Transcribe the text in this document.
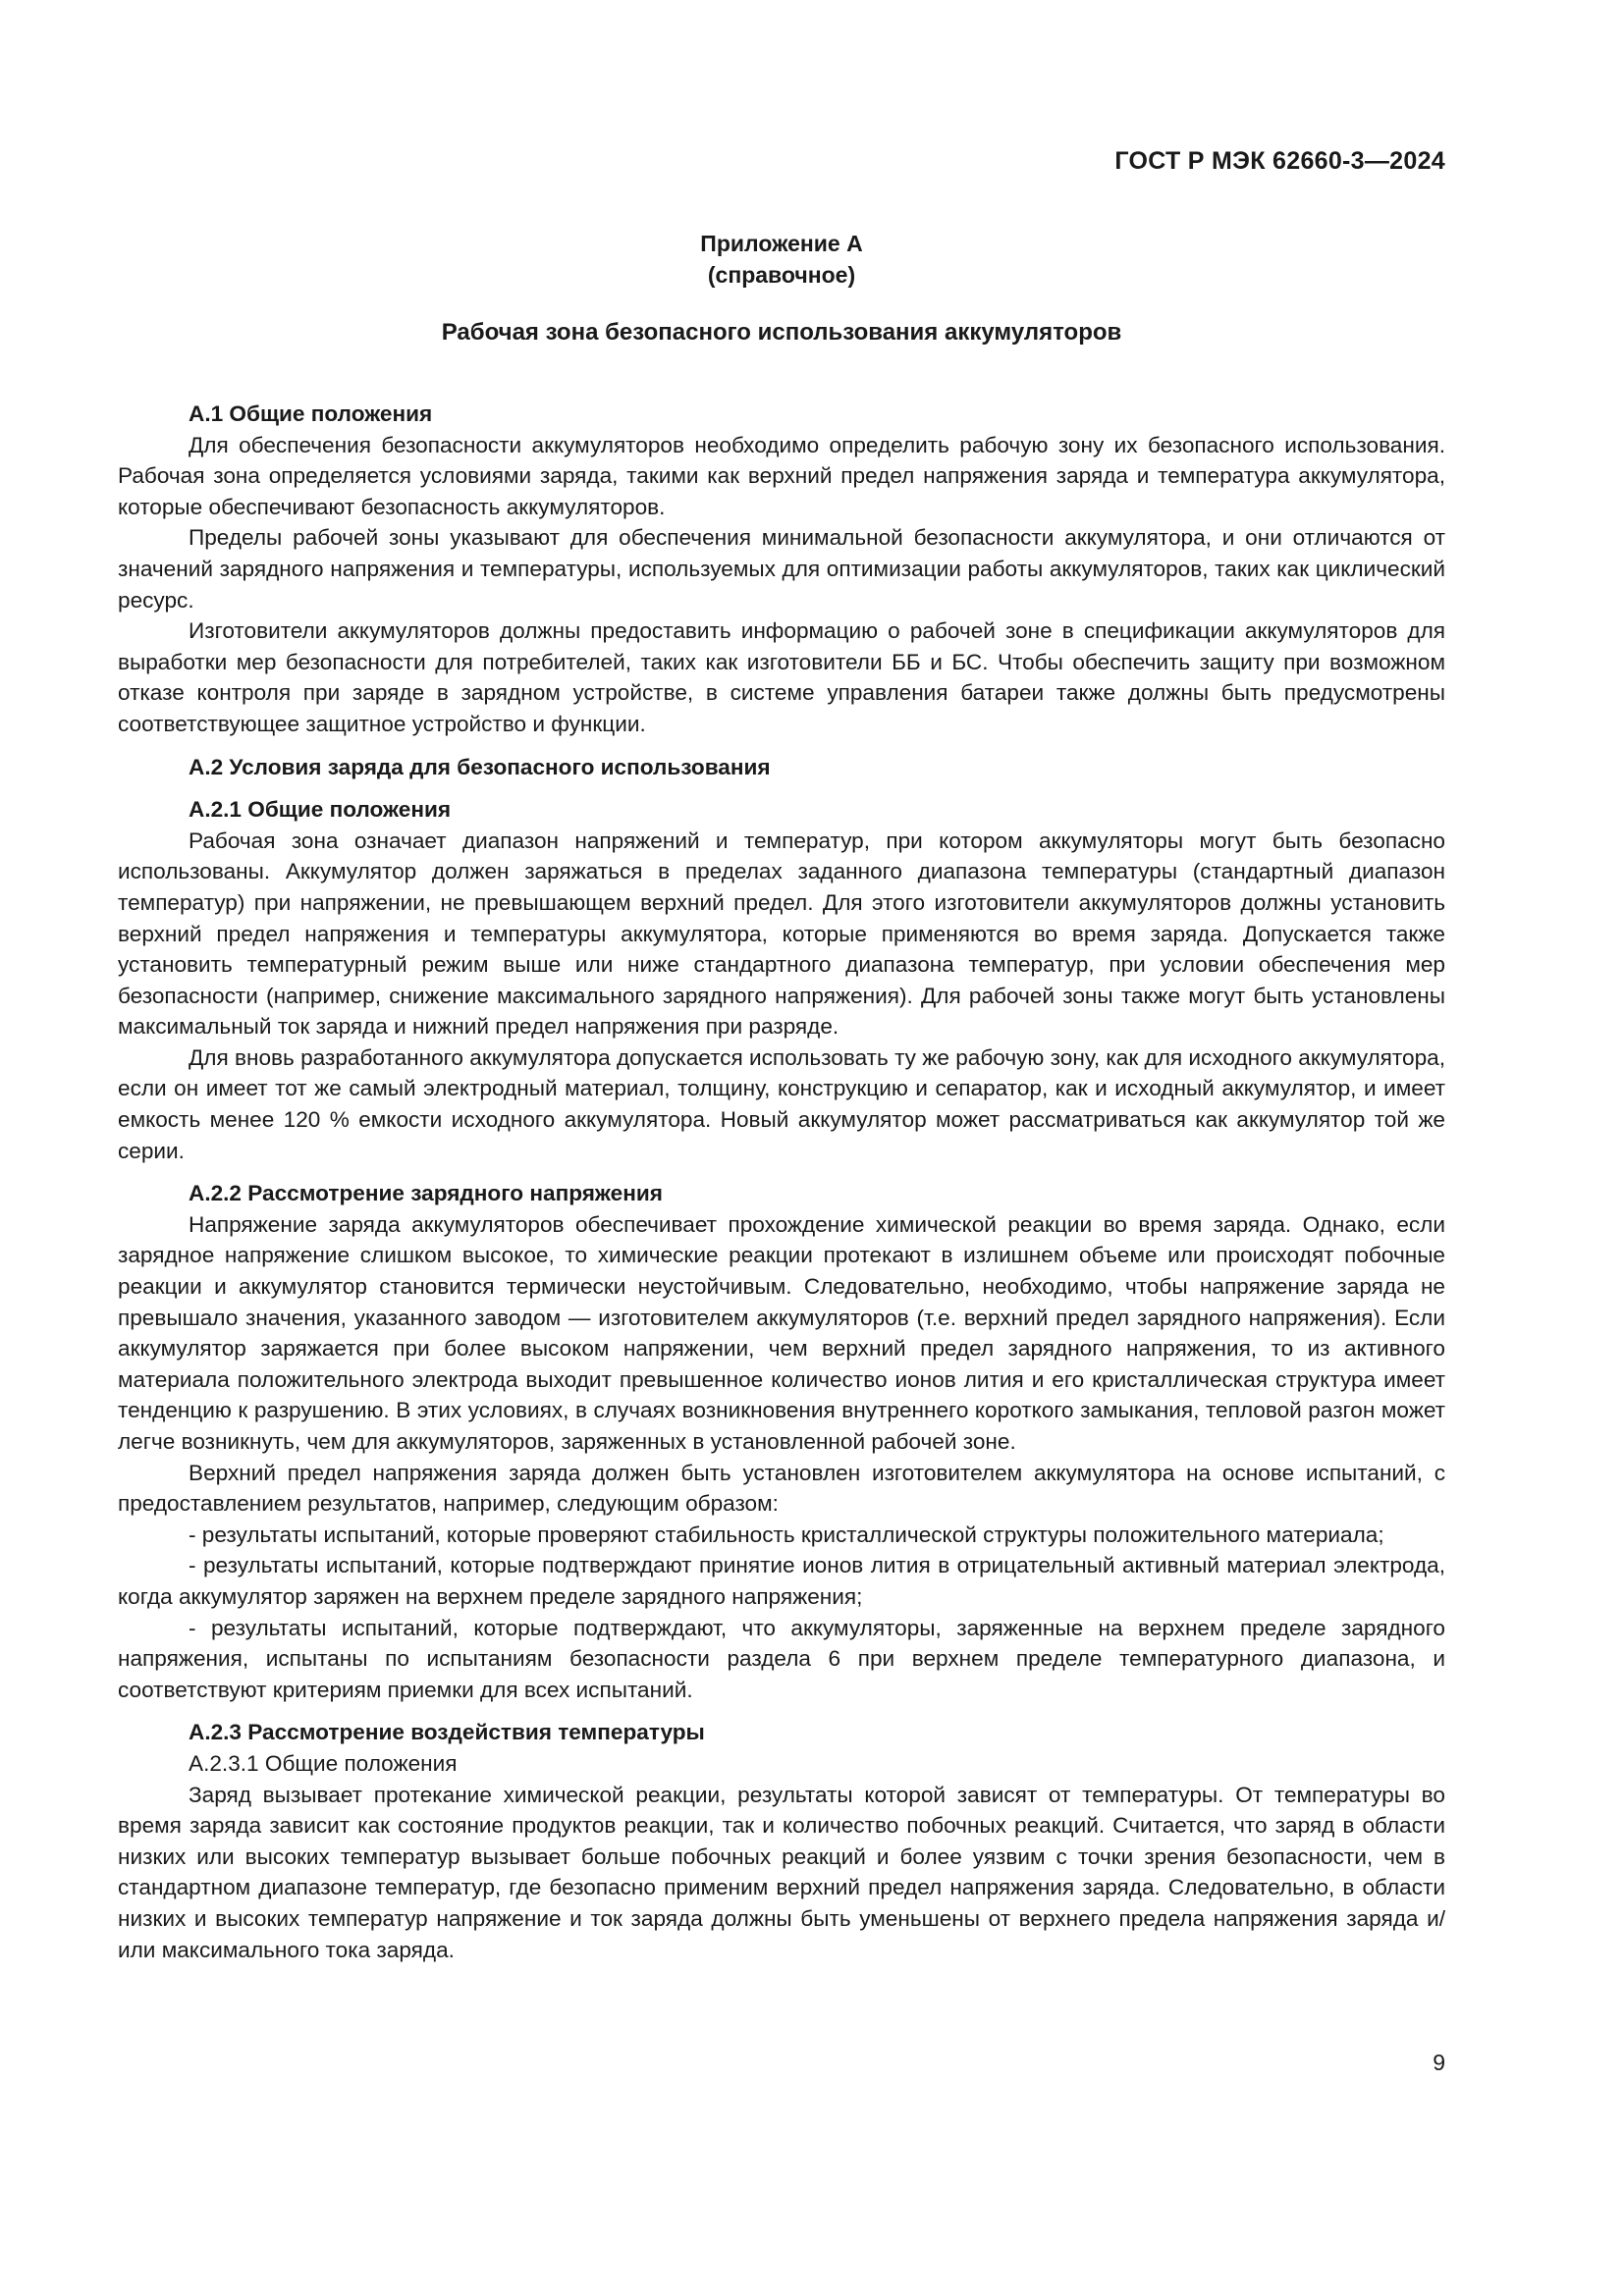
ГОСТ Р МЭК 62660-3—2024
Приложение А
(справочное)
Рабочая зона безопасного использования аккумуляторов
А.1 Общие положения

Для обеспечения безопасности аккумуляторов необходимо определить рабочую зону их безопасного использования. Рабочая зона определяется условиями заряда, такими как верхний предел напряжения заряда и температура аккумулятора, которые обеспечивают безопасность аккумуляторов.

Пределы рабочей зоны указывают для обеспечения минимальной безопасности аккумулятора, и они отличаются от значений зарядного напряжения и температуры, используемых для оптимизации работы аккумуляторов, таких как циклический ресурс.

Изготовители аккумуляторов должны предоставить информацию о рабочей зоне в спецификации аккумуляторов для выработки мер безопасности для потребителей, таких как изготовители ББ и БС. Чтобы обеспечить защиту при возможном отказе контроля при заряде в зарядном устройстве, в системе управления батареи также должны быть предусмотрены соответствующее защитное устройство и функции.

А.2 Условия заряда для безопасного использования
А.2.1 Общие положения

Рабочая зона означает диапазон напряжений и температур, при котором аккумуляторы могут быть безопасно использованы. Аккумулятор должен заряжаться в пределах заданного диапазона температуры (стандартный диапазон температур) при напряжении, не превышающем верхний предел. Для этого изготовители аккумуляторов должны установить верхний предел напряжения и температуры аккумулятора, которые применяются во время заряда. Допускается также установить температурный режим выше или ниже стандартного диапазона температур, при условии обеспечения мер безопасности (например, снижение максимального зарядного напряжения). Для рабочей зоны также могут быть установлены максимальный ток заряда и нижний предел напряжения при разряде.

Для вновь разработанного аккумулятора допускается использовать ту же рабочую зону, как для исходного аккумулятора, если он имеет тот же самый электродный материал, толщину, конструкцию и сепаратор, как и исходный аккумулятор, и имеет емкость менее 120 % емкости исходного аккумулятора. Новый аккумулятор может рассматриваться как аккумулятор той же серии.

А.2.2 Рассмотрение зарядного напряжения

Напряжение заряда аккумуляторов обеспечивает прохождение химической реакции во время заряда. Однако, если зарядное напряжение слишком высокое, то химические реакции протекают в излишнем объеме или происходят побочные реакции и аккумулятор становится термически неустойчивым. Следовательно, необходимо, чтобы напряжение заряда не превышало значения, указанного заводом — изготовителем аккумуляторов (т.е. верхний предел зарядного напряжения). Если аккумулятор заряжается при более высоком напряжении, чем верхний предел зарядного напряжения, то из активного материала положительного электрода выходит превышенное количество ионов лития и его кристаллическая структура имеет тенденцию к разрушению. В этих условиях, в случаях возникновения внутреннего короткого замыкания, тепловой разгон может легче возникнуть, чем для аккумуляторов, заряженных в установленной рабочей зоне.

Верхний предел напряжения заряда должен быть установлен изготовителем аккумулятора на основе испытаний, с предоставлением результатов, например, следующим образом:

- результаты испытаний, которые проверяют стабильность кристаллической структуры положительного материала;

- результаты испытаний, которые подтверждают принятие ионов лития в отрицательный активный материал электрода, когда аккумулятор заряжен на верхнем пределе зарядного напряжения;

- результаты испытаний, которые подтверждают, что аккумуляторы, заряженные на верхнем пределе зарядного напряжения, испытаны по испытаниям безопасности раздела 6 при верхнем пределе температурного диапазона, и соответствуют критериям приемки для всех испытаний.

А.2.3 Рассмотрение воздействия температуры
А.2.3.1 Общие положения

Заряд вызывает протекание химической реакции, результаты которой зависят от температуры. От температуры во время заряда зависит как состояние продуктов реакции, так и количество побочных реакций. Считается, что заряд в области низких или высоких температур вызывает больше побочных реакций и более уязвим с точки зрения безопасности, чем в стандартном диапазоне температур, где безопасно применим верхний предел напряжения заряда. Следовательно, в области низких и высоких температур напряжение и ток заряда должны быть уменьшены от верхнего предела напряжения заряда и/или максимального тока заряда.

9
